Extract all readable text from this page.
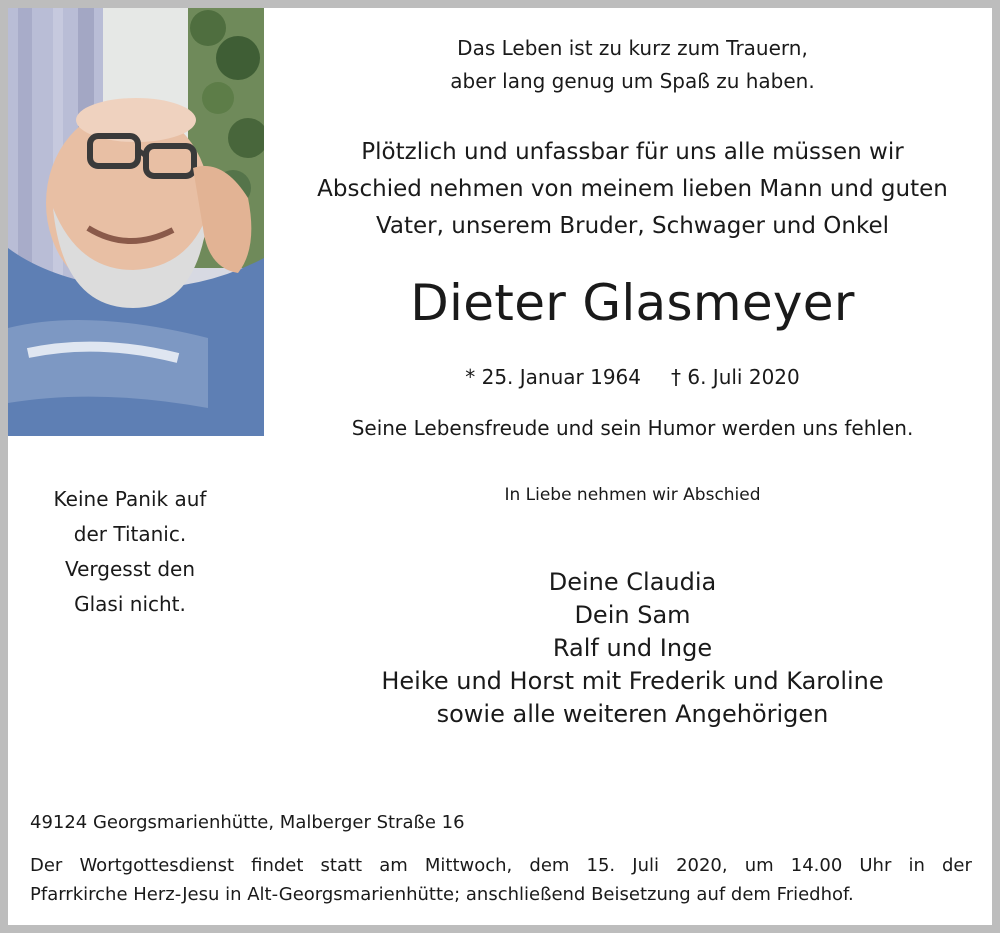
Das Leben ist zu kurz zum Trauern,

aber lang genug um Spaß zu haben.

Plötzlich und unfassbar für uns alle müssen wir

Abschied nehmen von meinem lieben Mann und guten

Vater, unserem Bruder, Schwager und Onkel

Dieter Glasmeyer
* 25. Januar 1964 † 6. Juli 2020
Seine Lebensfreude und sein Humor werden uns fehlen.
In Liebe nehmen wir Abschied

Keine Panik auf

der Titanic.

Vergesst den

Glasi nicht.

Deine Claudia

Dein Sam

Ralf und Inge

Heike und Horst mit Frederik und Karoline

sowie alle weiteren Angehörigen

49124 Georgsmarienhütte, Malberger Straße 16

Der Wortgottesdienst findet statt am Mittwoch, dem 15. Juli 2020, um 14.00 Uhr in der

Pfarrkirche Herz-Jesu in Alt-Georgsmarienhütte; anschließend Beisetzung auf dem Friedhof.
